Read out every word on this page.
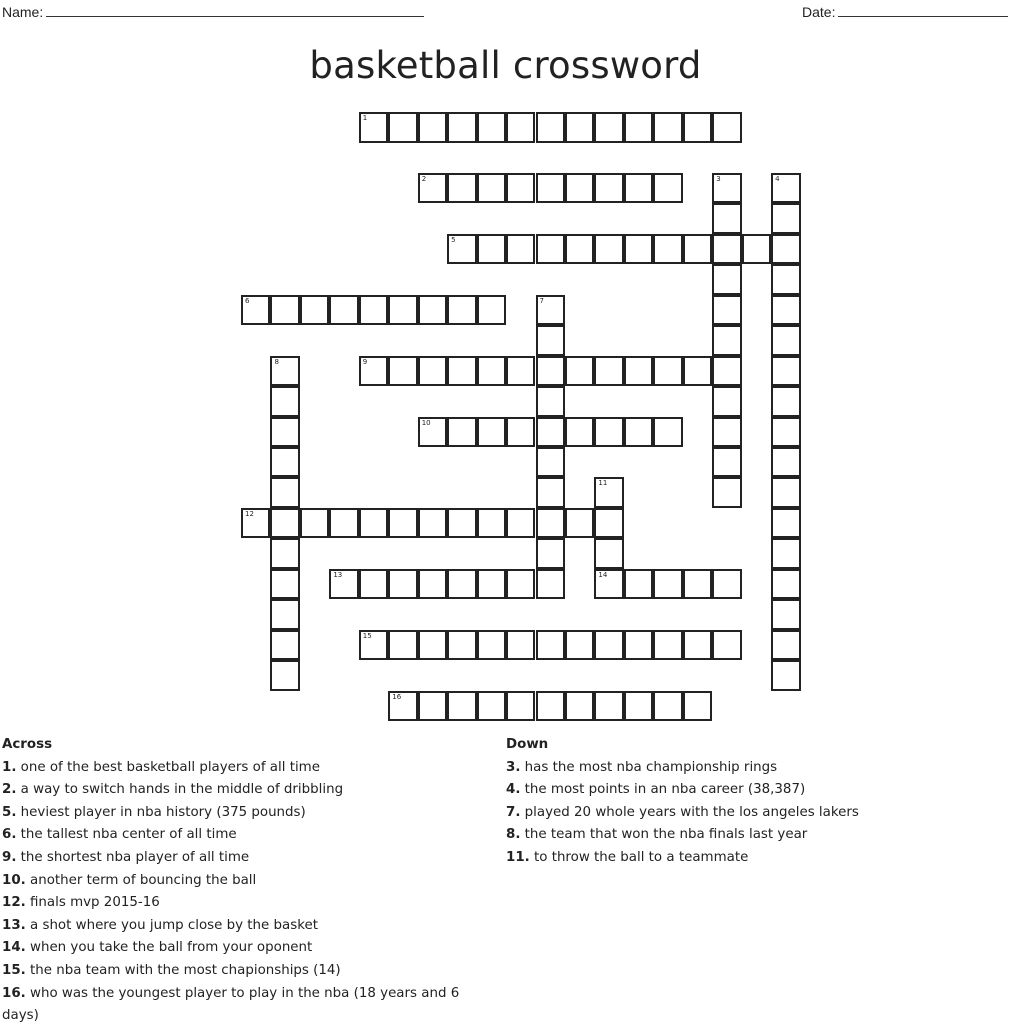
Name:	Date:
basketball crossword
1
2	3	4
5
6	7
8	9
10
11
14
12
13
15
16
Across
1. one of the best basketball players of all time
2. a way to switch hands in the middle of dribbling
5. heviest player in nba history (375 pounds)
6. the tallest nba center of all time
9. the shortest nba player of all time
10. another term of bouncing the ball
12. finals mvp 2015-16
13. a shot where you jump close by the basket
14. when you take the ball from your oponent
15. the nba team with the most chapionships (14)
16. who was the youngest player to play in the nba (18 years and 6 days)
Down
3. has the most nba championship rings
4. the most points in an nba career (38,387)
7. played 20 whole years with the los angeles lakers
8. the team that won the nba finals last year
11. to throw the ball to a teammate
